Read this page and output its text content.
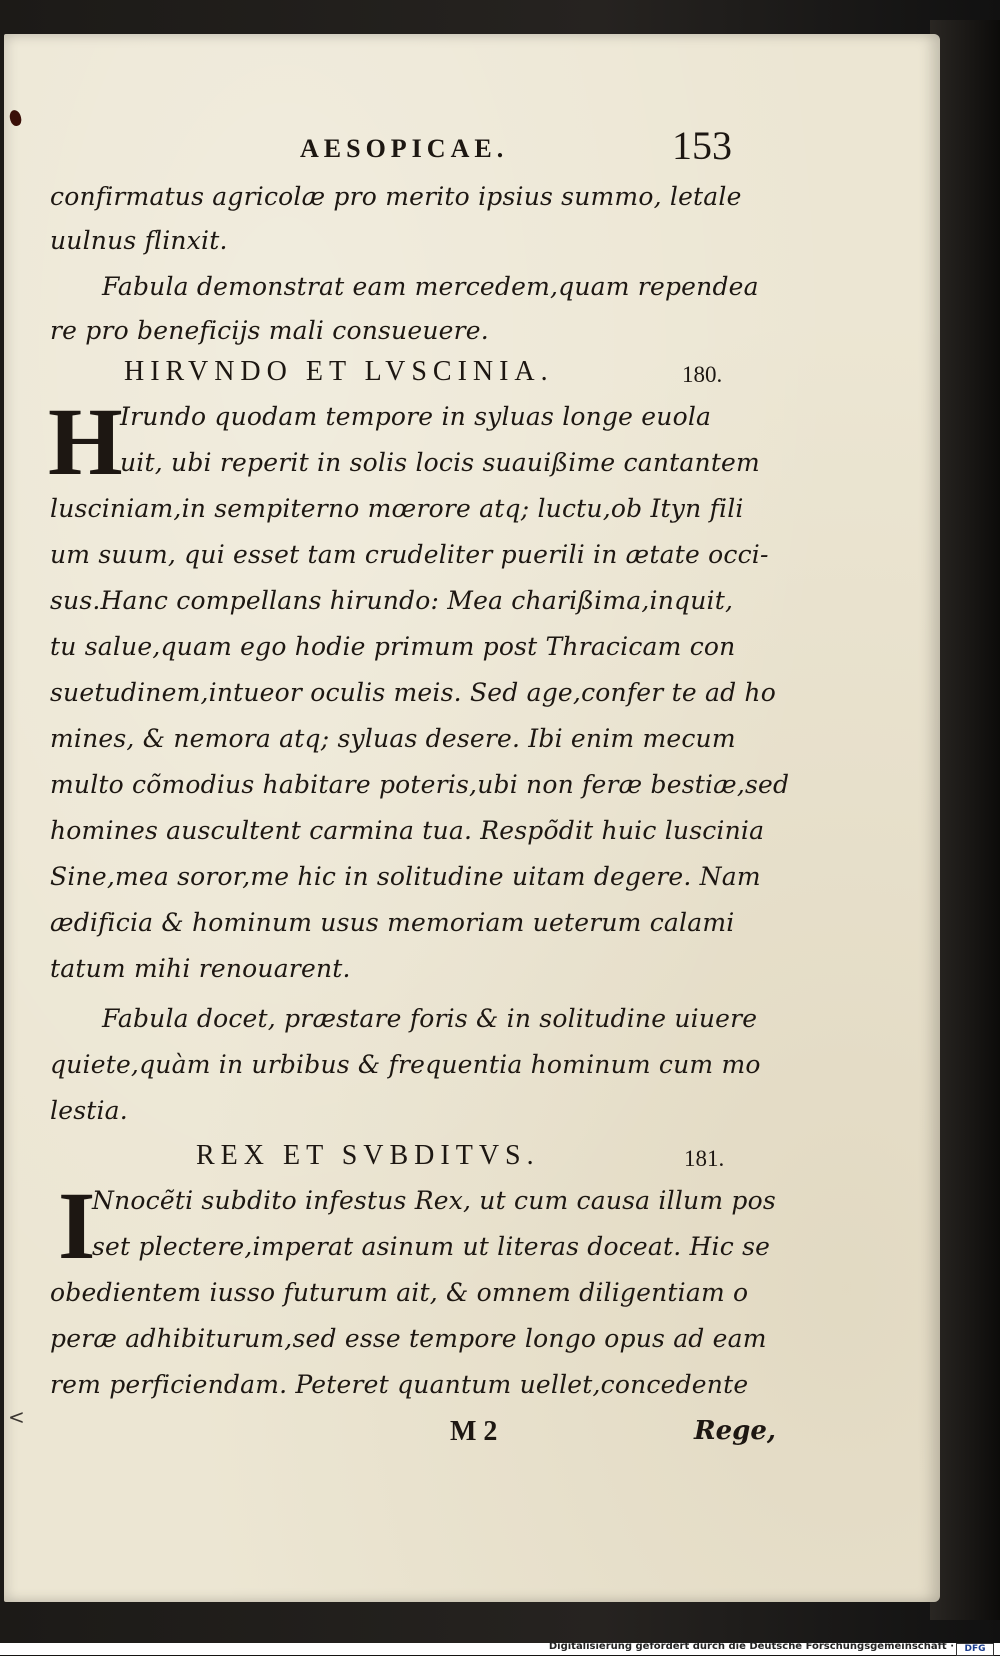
AESOPICAE.	153
confirmatus agricolæ pro merito ipsius summo, letale
uulnus flinxit.
Fabula demonstrat eam mercedem,quam rependea
re pro beneficijs mali consueuere.
HIRVNDO ET LVSCINIA.	180.
H
Irundo quodam tempore in syluas longe euola
uit, ubi reperit in solis locis suauißime cantantem
lusciniam,in sempiterno mœrore atq; luctu,ob Ityn fili
um suum, qui esset tam crudeliter puerili in ætate occi-
sus.Hanc compellans hirundo: Mea charißima,inquit,
tu salue,quam ego hodie primum post Thracicam con
suetudinem,intueor oculis meis. Sed age,confer te ad ho
mines, & nemora atq; syluas desere. Ibi enim mecum
multo cõmodius habitare poteris,ubi non feræ bestiæ,sed
homines auscultent carmina tua. Respõdit huic luscinia
Sine,mea soror,me hic in solitudine uitam degere. Nam
ædificia & hominum usus memoriam ueterum calami
tatum mihi renouarent.
Fabula docet, præstare foris & in solitudine uiuere
quiete,quàm in urbibus & frequentia hominum cum mo
lestia.
REX ET SVBDITVS.	181.
I
Nnocẽti subdito infestus Rex, ut cum causa illum pos
set plectere,imperat asinum ut literas doceat. Hic se
obedientem iusso futurum ait, & omnem diligentiam o
peræ adhibiturum,sed esse tempore longo opus ad eam
rem perficiendam. Peteret quantum uellet,concedente
M 2	Rege,
<
Digitalisierung gefördert durch die Deutsche Forschungsgemeinschaft ·	DFG
